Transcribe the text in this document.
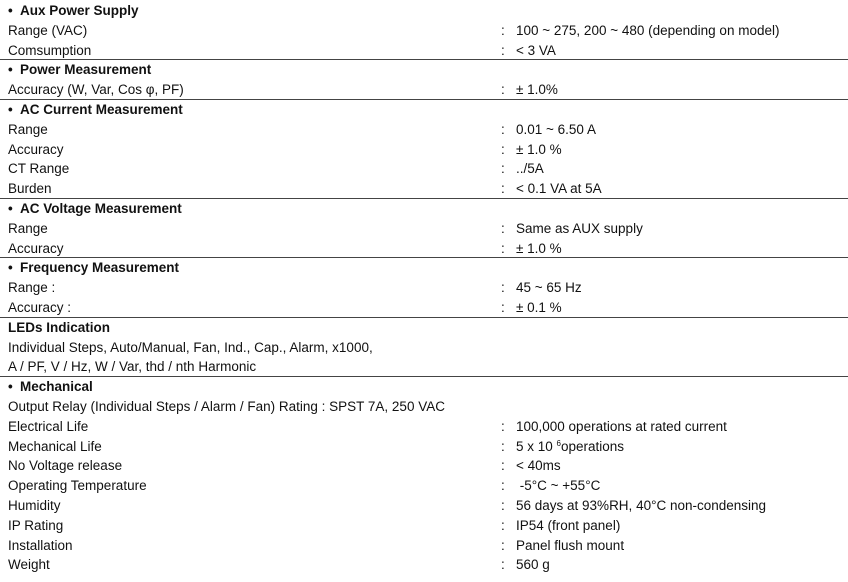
• Aux Power Supply
Range (VAC)	: 100 ~ 275, 200 ~ 480 (depending on model)
Comsumption	: < 3 VA
• Power Measurement
Accuracy (W, Var, Cos φ, PF)	: ± 1.0%
• AC Current Measurement
Range	: 0.01 ~ 6.50 A
Accuracy	: ± 1.0 %
CT Range	: ../5A
Burden	: < 0.1 VA at 5A
• AC Voltage Measurement
Range	: Same as AUX supply
Accuracy	: ± 1.0 %
• Frequency Measurement
Range :	: 45 ~ 65 Hz
Accuracy :	: ± 0.1 %
LEDs Indication
Individual Steps, Auto/Manual, Fan, Ind., Cap., Alarm, x1000,
A / PF, V / Hz, W / Var, thd / nth Harmonic
• Mechanical
Output Relay (Individual Steps / Alarm / Fan) Rating : SPST 7A, 250 VAC
Electrical Life	: 100,000 operations at rated current
Mechanical Life	: 5 x 10 $^6$operations
No Voltage release	: < 40ms
Operating Temperature	: -5°C ~ +55°C
Humidity	: 56 days at 93%RH, 40°C non-condensing
IP Rating	: IP54 (front panel)
Installation	: Panel flush mount
Weight	: 560 g
